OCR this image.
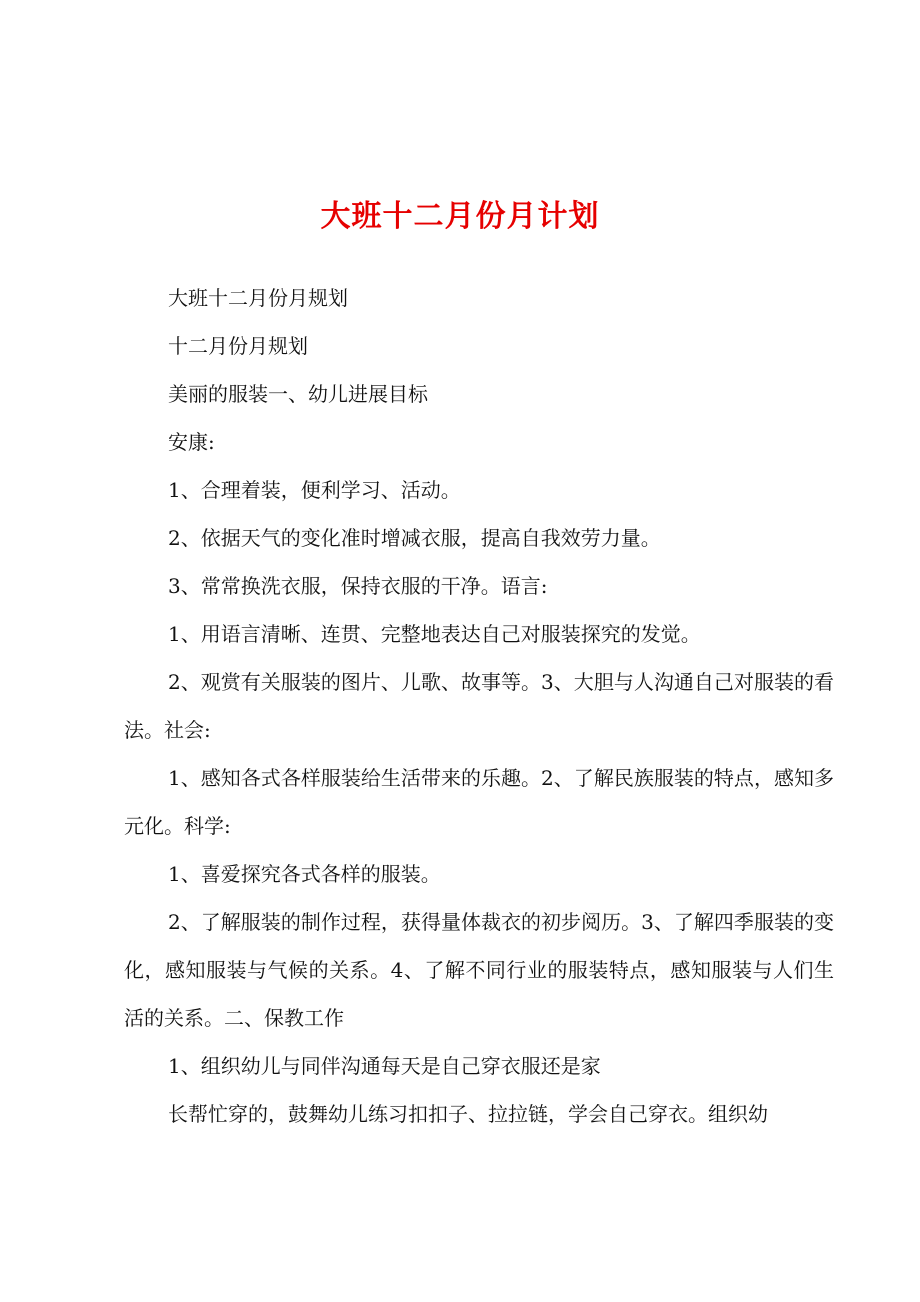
大班十二月份月计划

大班十二月份月规划

十二月份月规划

美丽的服装一、幼儿进展目标

安康:

1、合理着装，便利学习、活动。

2、依据天气的变化准时增减衣服，提高自我效劳力量。

3、常常换洗衣服，保持衣服的干净。语言:

1、用语言清晰、连贯、完整地表达自己对服装探究的发觉。

2、观赏有关服装的图片、儿歌、故事等。3、大胆与人沟通自己对服装的看法。社会:

1、感知各式各样服装给生活带来的乐趣。2、了解民族服装的特点，感知多元化。科学:

1、喜爱探究各式各样的服装。

2、了解服装的制作过程，获得量体裁衣的初步阅历。3、了解四季服装的变化，感知服装与气候的关系。4、了解不同行业的服装特点，感知服装与人们生活的关系。二、保教工作

1、组织幼儿与同伴沟通每天是自己穿衣服还是家

长帮忙穿的，鼓舞幼儿练习扣扣子、拉拉链，学会自己穿衣。组织幼
